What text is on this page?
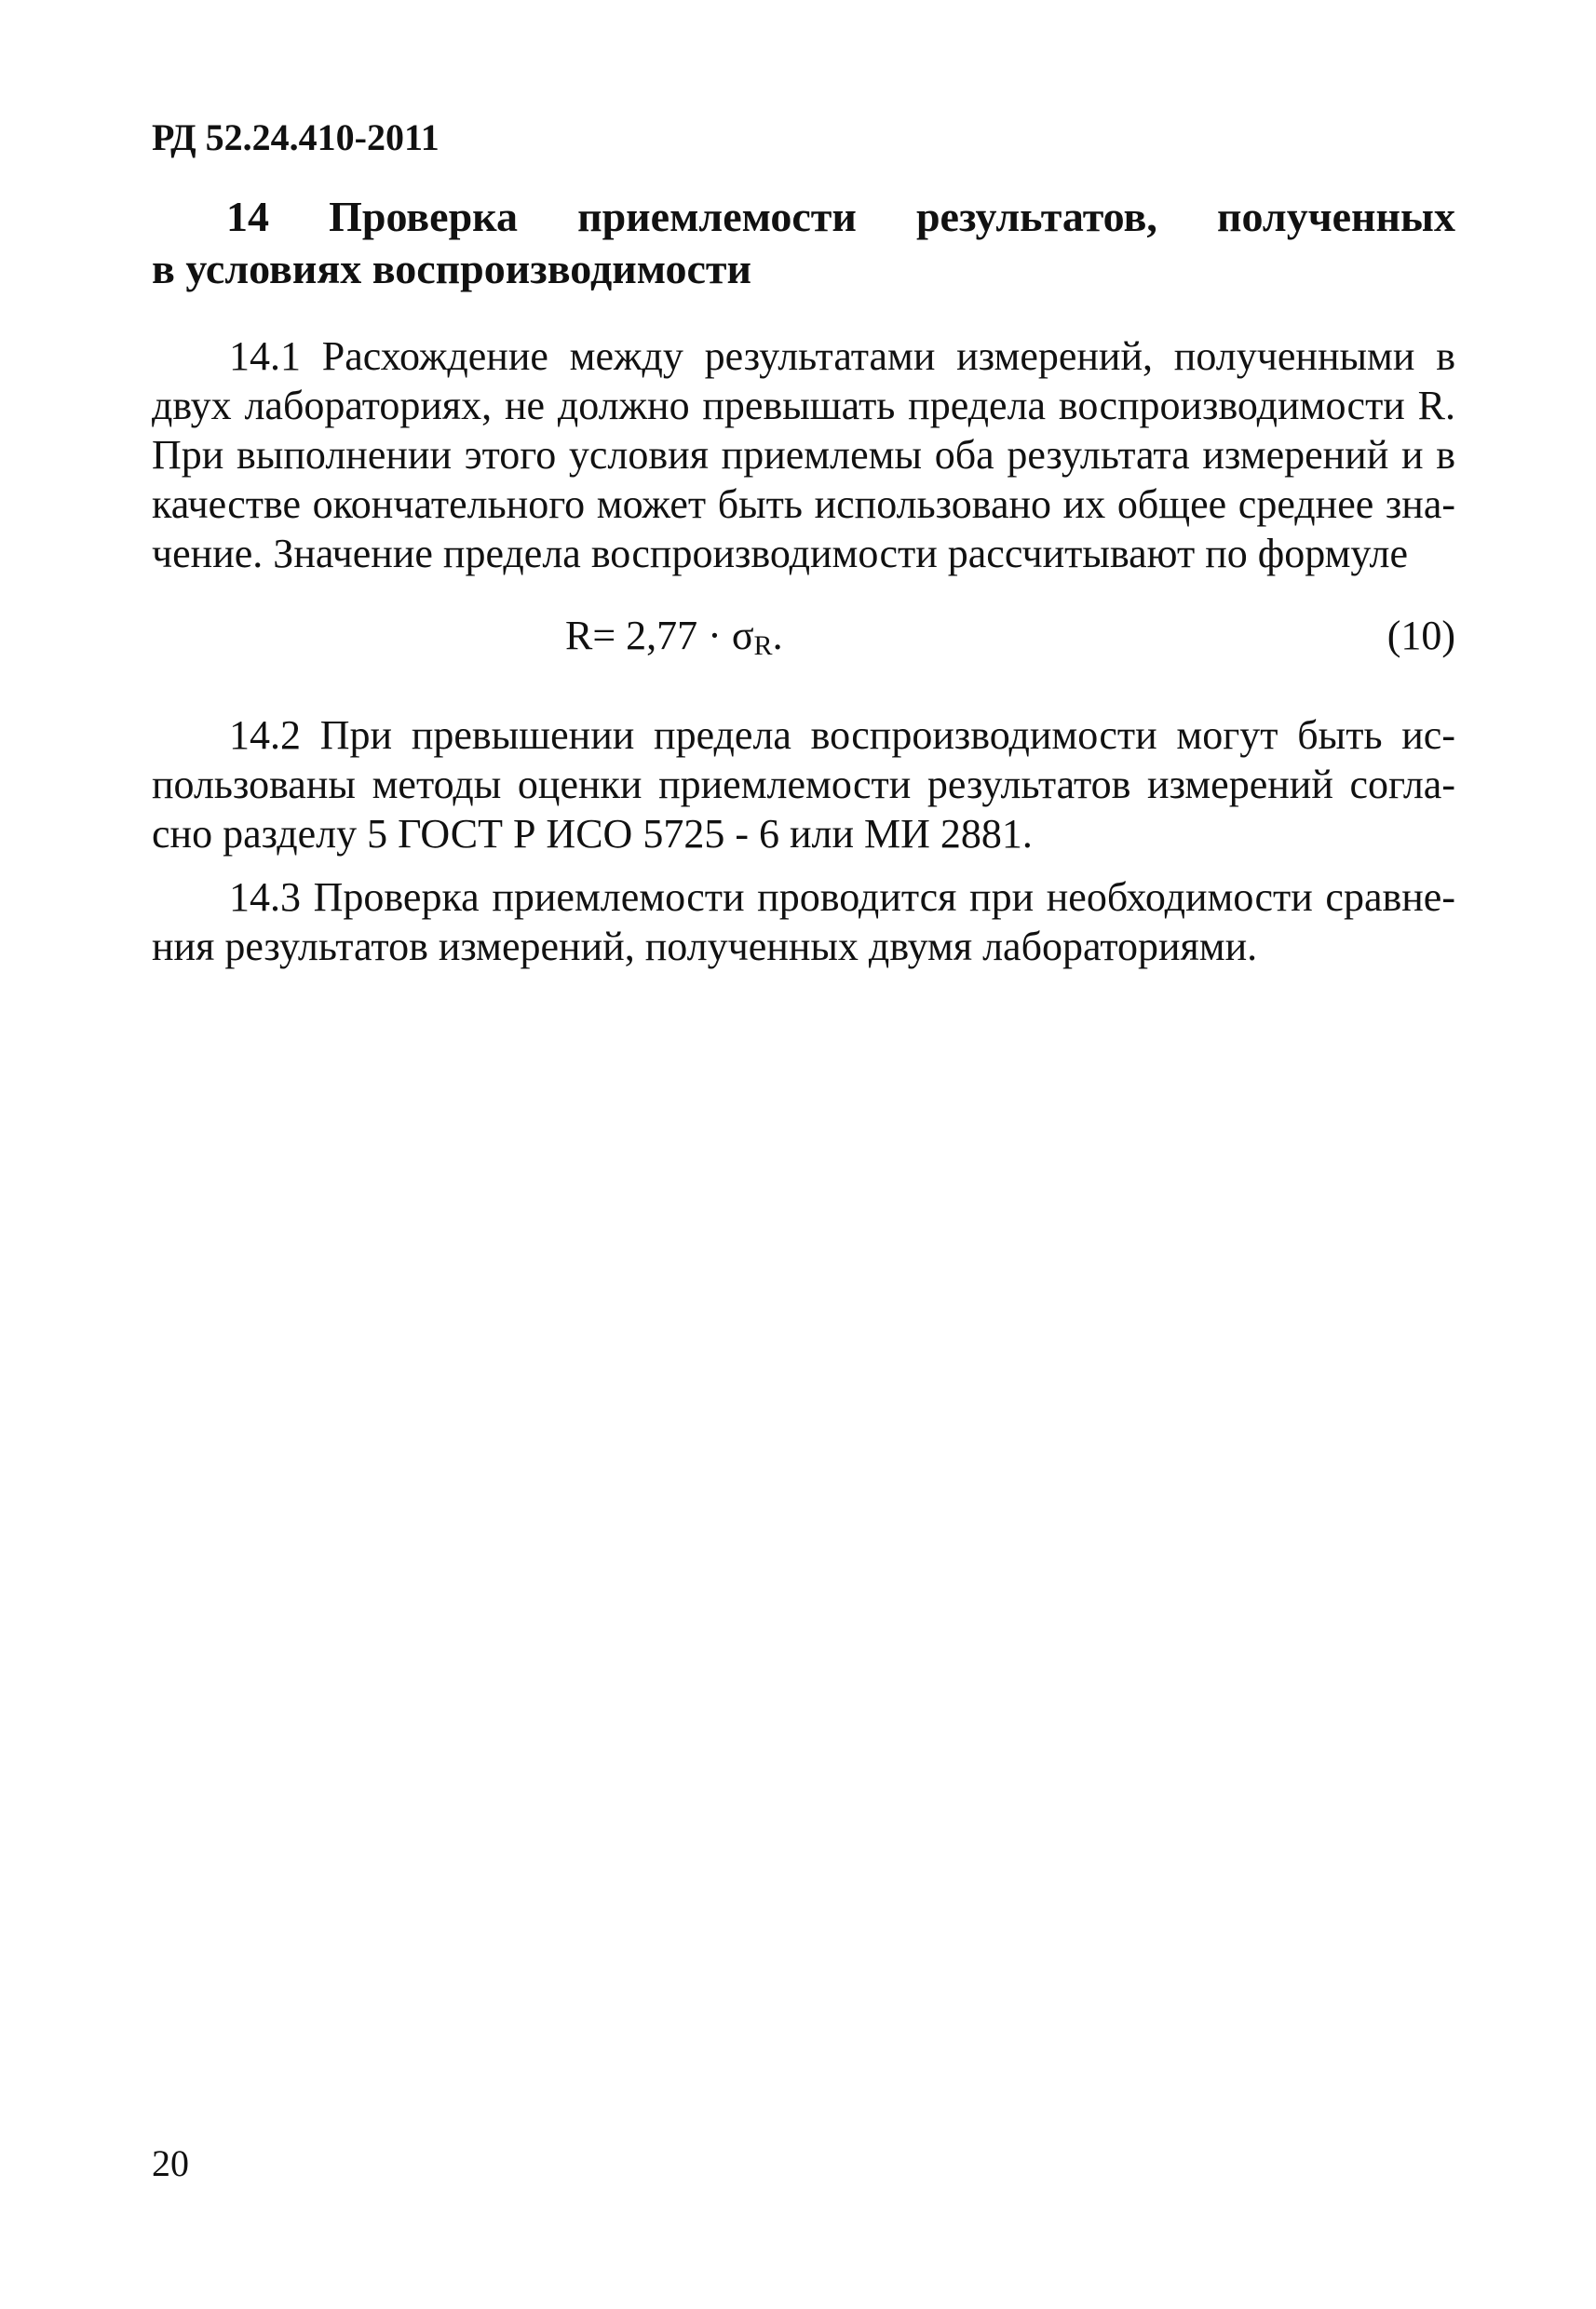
РД 52.24.410-2011
14 Проверка приемлемости результатов, полученных
в условиях воспроизводимости
14.1 Расхождение между результатами измерений, полученными в
двух лабораториях, не должно превышать предела воспроизводимости R.
При выполнении этого условия приемлемы оба результата измерений и в
качестве окончательного может быть использовано их общее среднее зна-
чение. Значение предела воспроизводимости рассчитывают по формуле
$R= 2,77 \cdot \sigma_R$.	(10)
14.2 При превышении предела воспроизводимости могут быть ис-
пользованы методы оценки приемлемости результатов измерений согла-
сно разделу 5 ГОСТ Р ИСО 5725 - 6 или МИ 2881.
14.3 Проверка приемлемости проводится при необходимости сравне-
ния результатов измерений, полученных двумя лабораториями.
20
